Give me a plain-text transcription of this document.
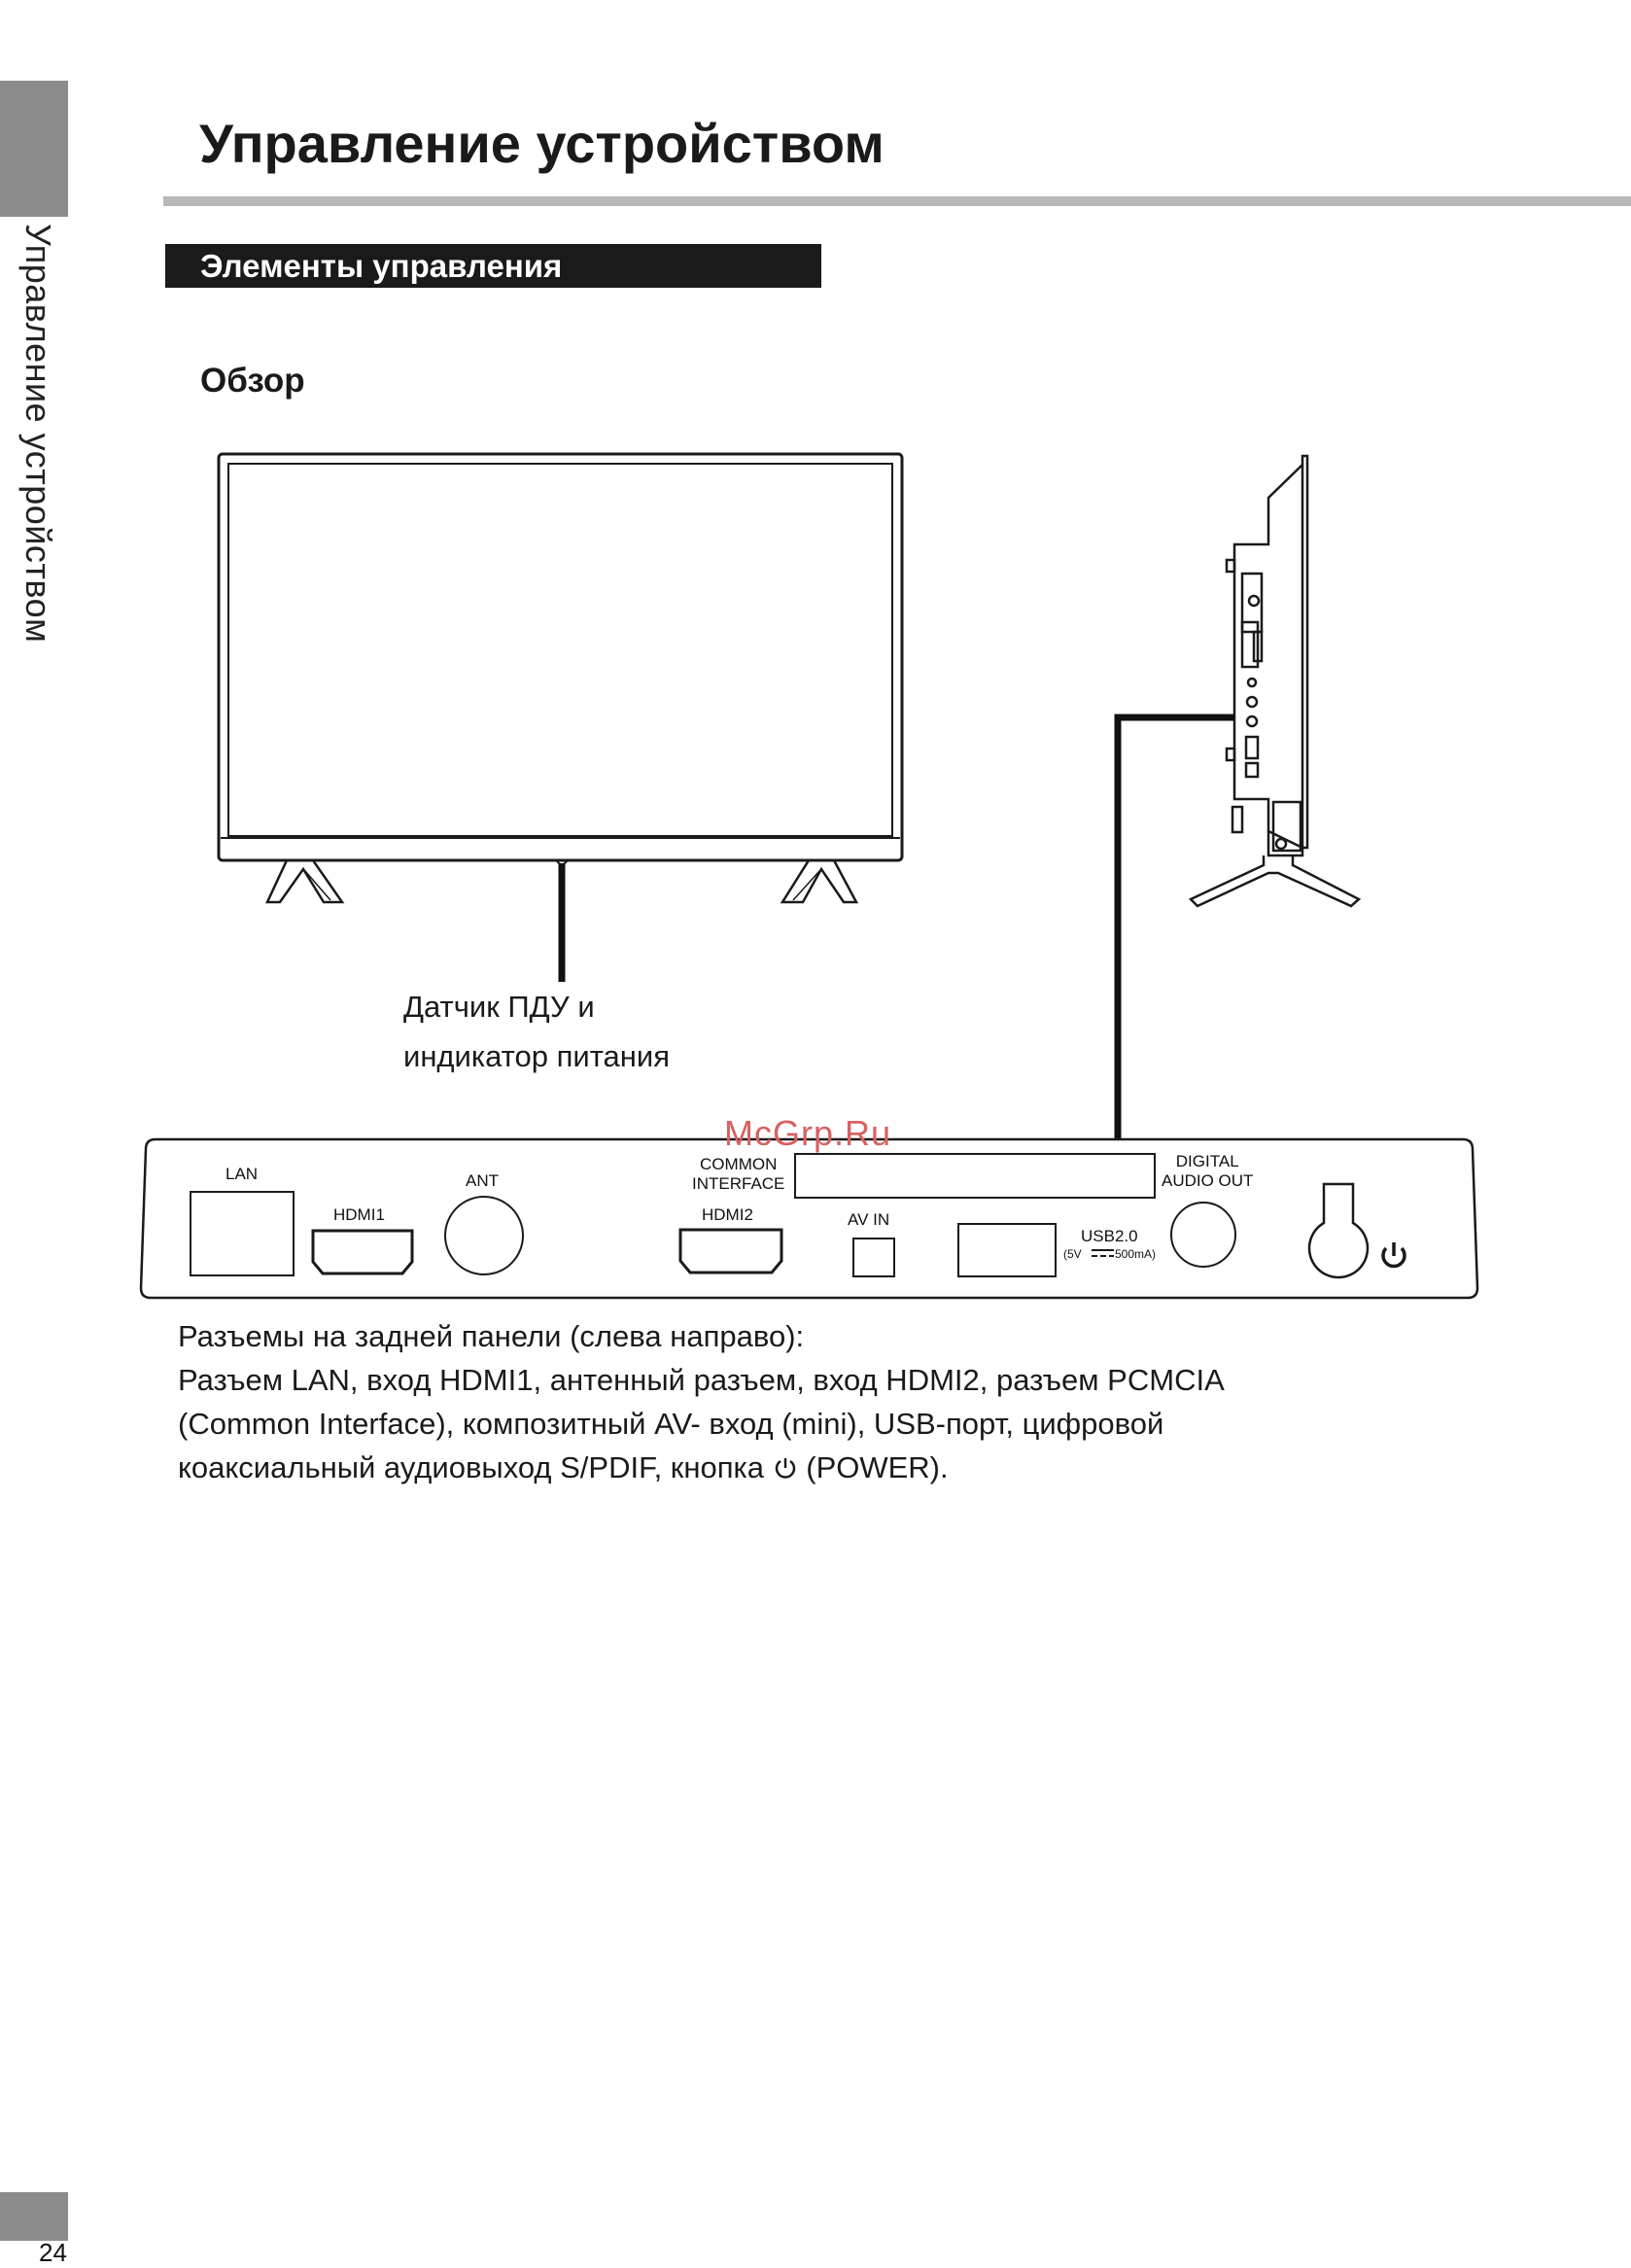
Управление устройством
Управление устройством
Элементы управления
Обзор
Датчик ПДУ и
индикатор питания
McGrp.Ru
LAN
HDMI1
ANT
COMMON
INTERFACE
HDMI2	AV IN
USB2.0
(5V	500mA)
DIGITAL
AUDIO OUT

Разъемы на задней панели (слева направо):

Разъем LAN, вход HDMI1, антенный разъем, вход HDMI2, разъем PCMCIA

(Common Interface), композитный AV- вход (mini), USB-порт, цифровой

коаксиальный аудиовыход S/PDIF, кнопка (POWER).

24
